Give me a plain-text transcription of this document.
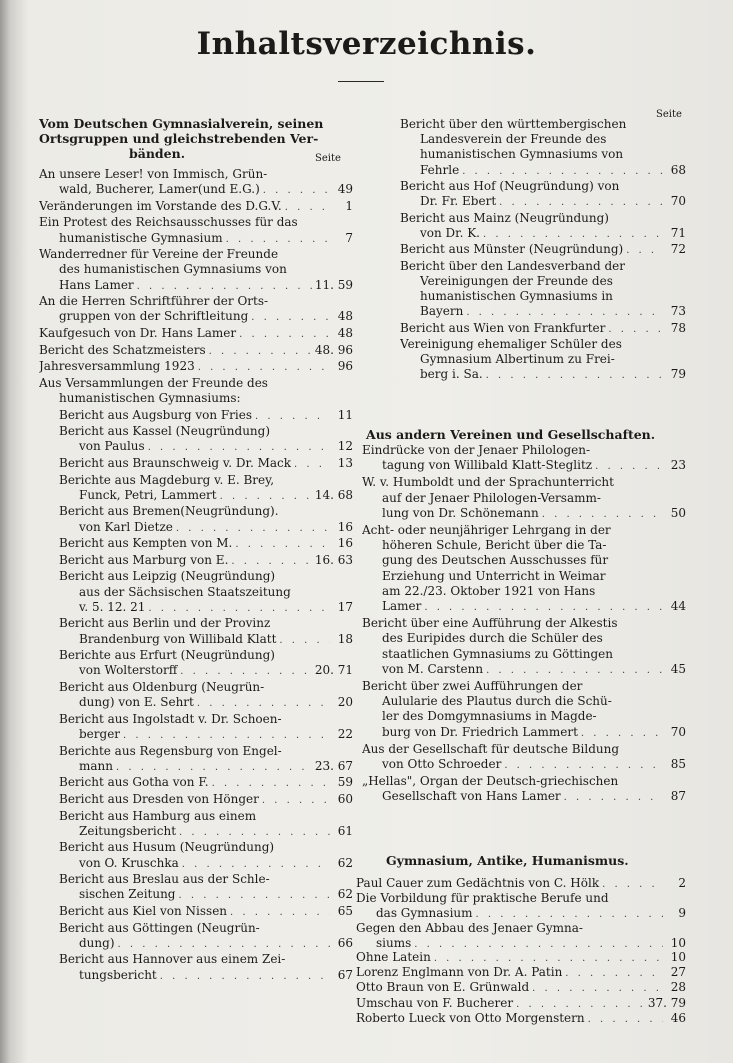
Inhaltsverzeichnis.
Vom Deutschen Gymnasialverein, seinen
Ortsgruppen und gleichstrebenden Ver-
bänden.	Seite
An unsere Leser! von Immisch, Grün-
wald, Bucherer, Lamer(und E.G.) . . .	49
Veränderungen im Vorstande des D.G.V. . . .	1
Ein Protest des Reichsausschusses für das
humanistische Gymnasium . . .	7
Wanderredner für Vereine der Freunde
des humanistischen Gymnasiums von
Hans Lamer . . .	11. 59
An die Herren Schriftführer der Orts-
gruppen von der Schriftleitung . . .	48
Kaufgesuch von Dr. Hans Lamer . . .	48
Bericht des Schatzmeisters . . .	48. 96
Jahresversammlung 1923 . . .	96
Aus Versammlungen der Freunde des
humanistischen Gymnasiums:
Bericht aus Augsburg von Fries . . .	11
Bericht aus Kassel (Neugründung)
von Paulus . . .	12
Bericht aus Braunschweig v. Dr. Mack . . .	13
Berichte aus Magdeburg v. E. Brey,
Funck, Petri, Lammert . . .	14. 68
Bericht aus Bremen(Neugründung).
von Karl Dietze . . .	16
Bericht aus Kempten von M. . . .	16
Bericht aus Marburg von E. . . .	16. 63
Bericht aus Leipzig (Neugründung)
aus der Sächsischen Staatszeitung
v. 5. 12. 21 . . .	17
Bericht aus Berlin und der Provinz
Brandenburg von Willibald Klatt . . .	18
Berichte aus Erfurt (Neugründung)
von Wolterstorff . . .	20. 71
Bericht aus Oldenburg (Neugrün-
dung) von E. Sehrt . . .	20
Bericht aus Ingolstadt v. Dr. Schoen-
berger . . .	22
Berichte aus Regensburg von Engel-
mann . . .	23. 67
Bericht aus Gotha von F. . . .	59
Bericht aus Dresden von Hönger . . .	60
Bericht aus Hamburg aus einem
Zeitungsbericht . . .	61
Bericht aus Husum (Neugründung)
von O. Kruschka . . .	62
Bericht aus Breslau aus der Schle-
sischen Zeitung . . .	62
Bericht aus Kiel von Nissen . . .	65
Bericht aus Göttingen (Neugrün-
dung) . . .	66
Bericht aus Hannover aus einem Zei-
tungsbericht . . .	67
Seite
Bericht über den württembergischen
Landesverein der Freunde des
humanistischen Gymnasiums von
Fehrle . . .	68
Bericht aus Hof (Neugründung) von
Dr. Fr. Ebert . . .	70
Bericht aus Mainz (Neugründung)
von Dr. K. . . .	71
Bericht aus Münster (Neugründung) . . .	72
Bericht über den Landesverband der
Vereinigungen der Freunde des
humanistischen Gymnasiums in
Bayern . . .	73
Bericht aus Wien von Frankfurter . . .	78
Vereinigung ehemaliger Schüler des
Gymnasium Albertinum zu Frei-
berg i. Sa. . . .	79
Aus andern Vereinen und Gesellschaften.
Eindrücke von der Jenaer Philologen-
tagung von Willibald Klatt-Steglitz . . .	23
W. v. Humboldt und der Sprachunterricht
auf der Jenaer Philologen-Versamm-
lung von Dr. Schönemann . . .	50
Acht- oder neunjähriger Lehrgang in der
höheren Schule, Bericht über die Ta-
gung des Deutschen Ausschusses für
Erziehung und Unterricht in Weimar
am 22./23. Oktober 1921 von Hans
Lamer . . .	44
Bericht über eine Aufführung der Alkestis
des Euripides durch die Schüler des
staatlichen Gymnasiums zu Göttingen
von M. Carstenn . . .	45
Bericht über zwei Aufführungen der
Aulularie des Plautus durch die Schü-
ler des Domgymnasiums in Magde-
burg von Dr. Friedrich Lammert . . .	70
Aus der Gesellschaft für deutsche Bildung
von Otto Schroeder . . .	85
„Hellas", Organ der Deutsch-griechischen
Gesellschaft von Hans Lamer . . .	87
Gymnasium, Antike, Humanismus.
Paul Cauer zum Gedächtnis von C. Hölk . . .	2
Die Vorbildung für praktische Berufe und
das Gymnasium . . .	9
Gegen den Abbau des Jenaer Gymna-
siums . . .	10
Ohne Latein . . .	10
Lorenz Englmann von Dr. A. Patin . . .	27
Otto Braun von E. Grünwald . . .	28
Umschau von F. Bucherer . . .	37. 79
Roberto Lueck von Otto Morgenstern . . .	46
